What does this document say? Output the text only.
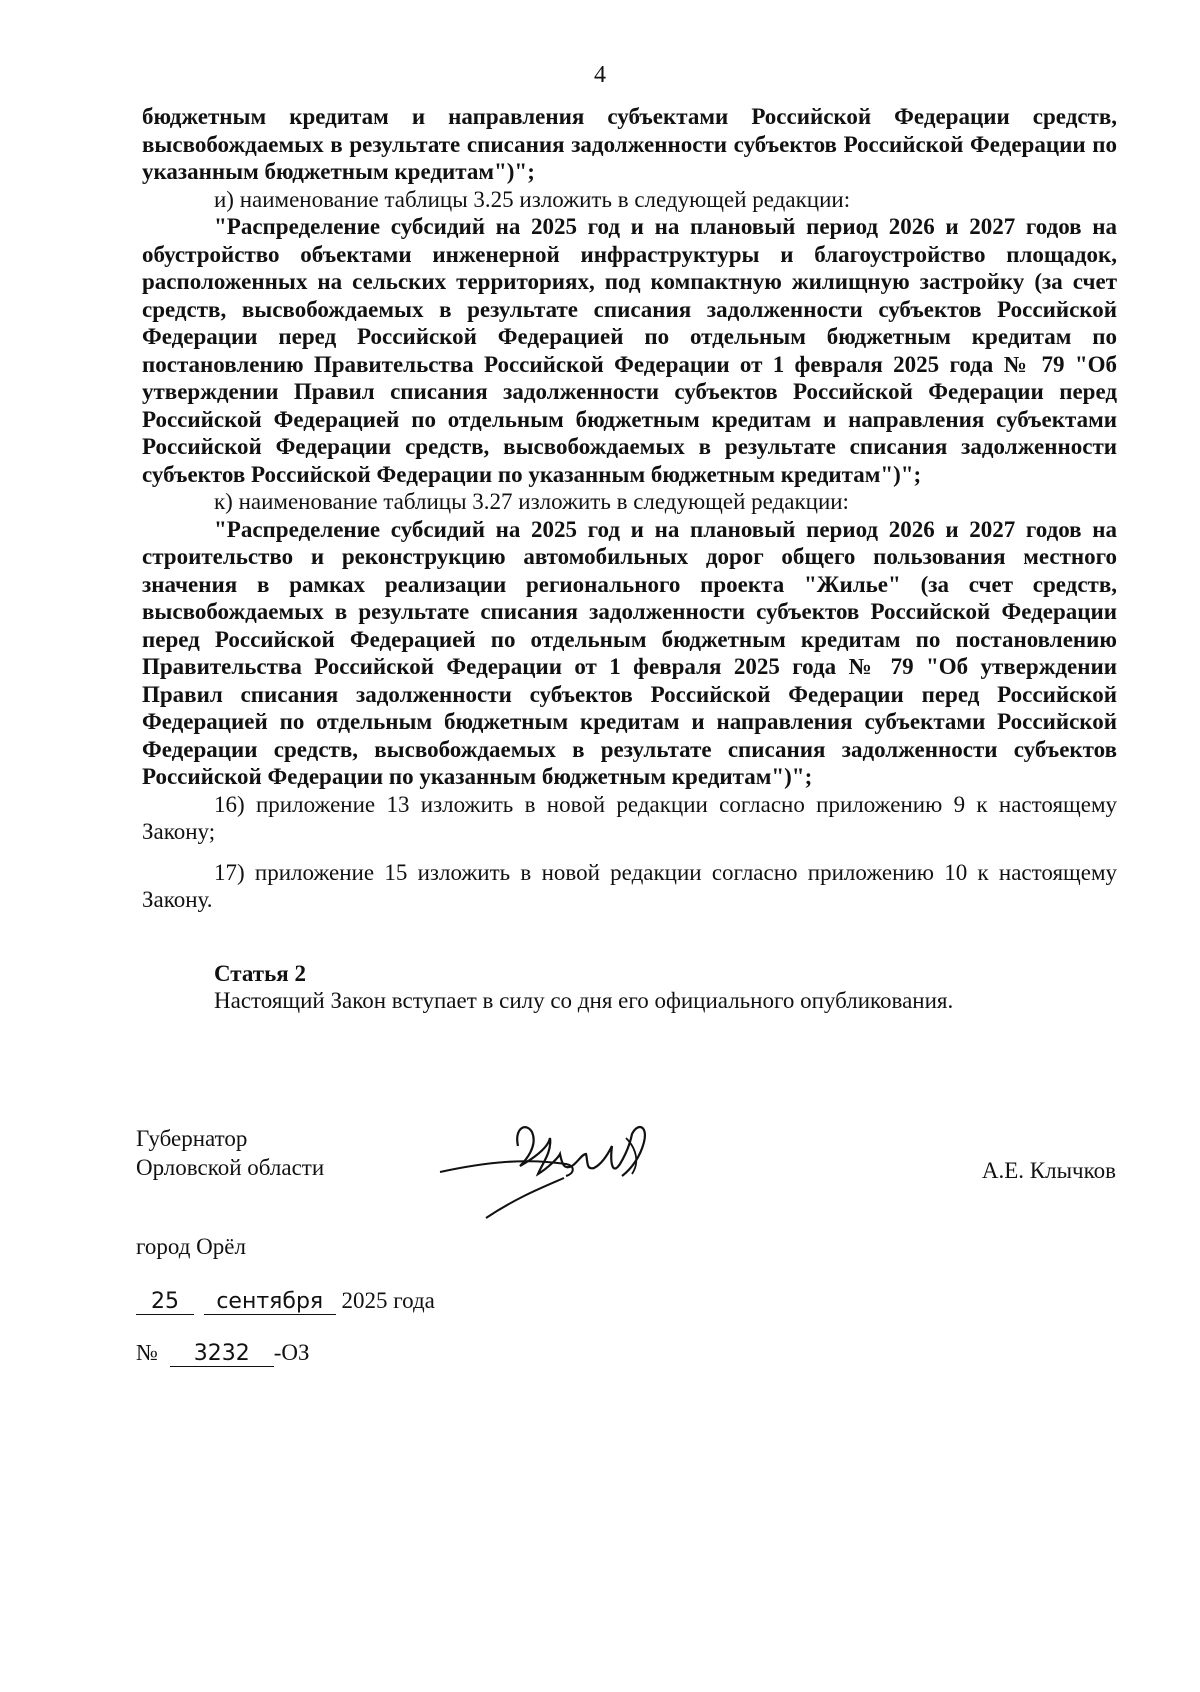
4

бюджетным кредитам и направления субъектами Российской Федерации средств, высвобождаемых в результате списания задолженности субъектов Российской Федерации по указанным бюджетным кредитам")";

и) наименование таблицы 3.25 изложить в следующей редакции:

"Распределение субсидий на 2025 год и на плановый период 2026 и 2027 годов на обустройство объектами инженерной инфраструктуры и благоустройство площадок, расположенных на сельских территориях, под компактную жилищную застройку (за счет средств, высвобождаемых в результате списания задолженности субъектов Российской Федерации перед Российской Федерацией по отдельным бюджетным кредитам по постановлению Правительства Российской Федерации от 1 февраля 2025 года № 79 "Об утверждении Правил списания задолженности субъектов Российской Федерации перед Российской Федерацией по отдельным бюджетным кредитам и направления субъектами Российской Федерации средств, высвобождаемых в результате списания задолженности субъектов Российской Федерации по указанным бюджетным кредитам")";

к) наименование таблицы 3.27 изложить в следующей редакции:

"Распределение субсидий на 2025 год и на плановый период 2026 и 2027 годов на строительство и реконструкцию автомобильных дорог общего пользования местного значения в рамках реализации регионального проекта "Жилье" (за счет средств, высвобождаемых в результате списания задолженности субъектов Российской Федерации перед Российской Федерацией по отдельным бюджетным кредитам по постановлению Правительства Российской Федерации от 1 февраля 2025 года № 79 "Об утверждении Правил списания задолженности субъектов Российской Федерации перед Российской Федерацией по отдельным бюджетным кредитам и направления субъектами Российской Федерации средств, высвобождаемых в результате списания задолженности субъектов Российской Федерации по указанным бюджетным кредитам")";

16) приложение 13 изложить в новой редакции согласно приложению 9 к настоящему Закону;

17) приложение 15 изложить в новой редакции согласно приложению 10 к настоящему Закону.

Статья 2

Настоящий Закон вступает в силу со дня его официального опубликования.

Губернатор
Орловской области	А.Е. Клычков
город Орёл
25 сентября 2025 года
№ 3232 -ОЗ
